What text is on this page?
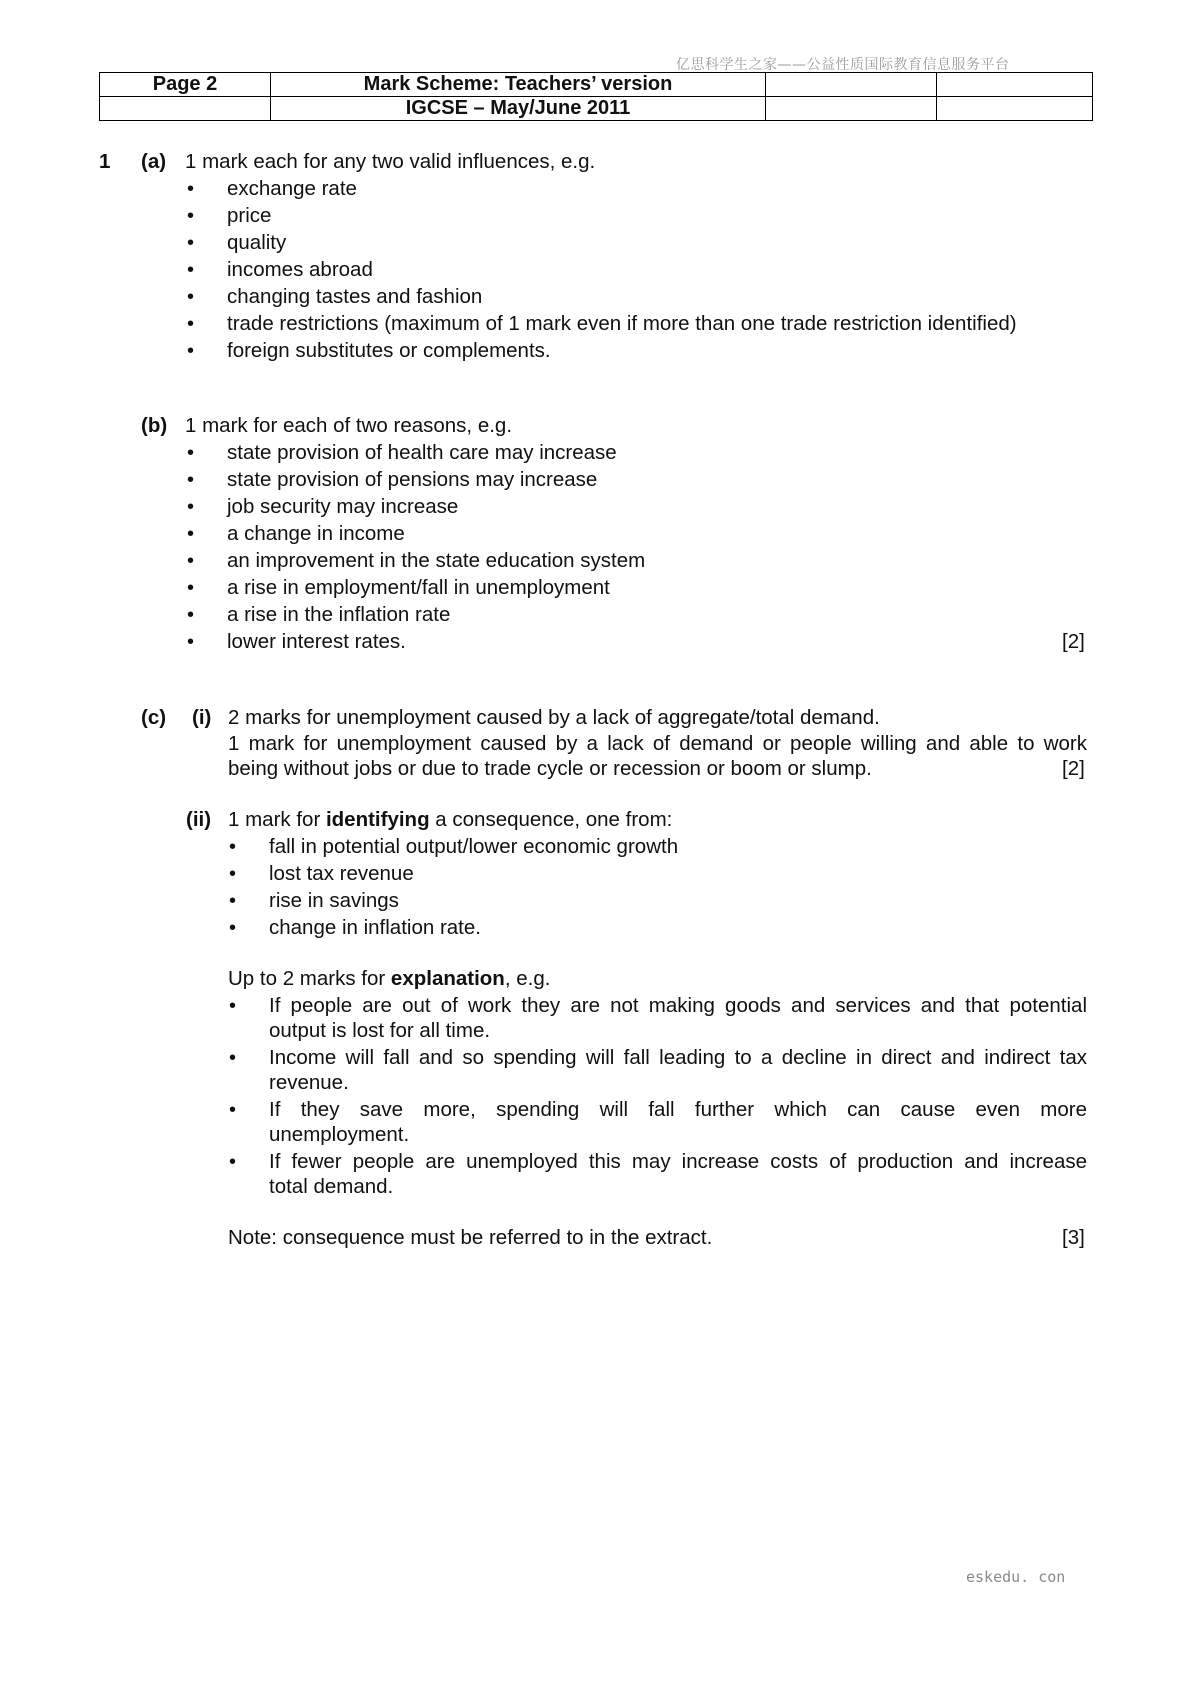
亿思科学生之家——公益性质国际教育信息服务平台
Page 2	Mark Scheme: Teachers’ version		
	IGCSE – May/June 2011		
1 (a) 1 mark each for any two valid influences, e.g.
• exchange rate
• price
• quality
• incomes abroad
• changing tastes and fashion
• trade restrictions (maximum of 1 mark even if more than one trade restriction identified)
• foreign substitutes or complements.
(b) 1 mark for each of two reasons, e.g.
• state provision of health care may increase
• state provision of pensions may increase
• job security may increase
• a change in income
• an improvement in the state education system
• a rise in employment/fall in unemployment
• a rise in the inflation rate
• lower interest rates.	[2]
(c) (i) 2 marks for unemployment caused by a lack of aggregate/total demand.
1 mark for unemployment caused by a lack of demand or people willing and able to work
being without jobs or due to trade cycle or recession or boom or slump.	[2]
(ii) 1 mark for identifying a consequence, one from:
• fall in potential output/lower economic growth
• lost tax revenue
• rise in savings
• change in inflation rate.
Up to 2 marks for explanation, e.g.
• If people are out of work they are not making goods and services and that potential
output is lost for all time.
• Income will fall and so spending will fall leading to a decline in direct and indirect tax
revenue.
• If they save more, spending will fall further which can cause even more
unemployment.
• If fewer people are unemployed this may increase costs of production and increase
total demand.
Note: consequence must be referred to in the extract.	[3]
eskedu. con
